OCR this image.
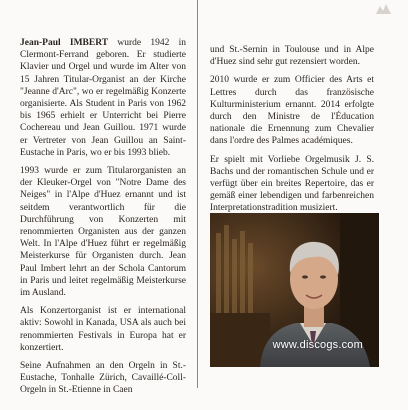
Jean-Paul IMBERT wurde 1942 in Clermont-Ferrand geboren. Er studierte Klavier und Orgel und wurde im Alter von 15 Jahren Titular-Organist an der Kirche "Jeanne d'Arc", wo er regelmäßig Konzerte organisierte. Als Student in Paris von 1962 bis 1965 erhielt er Unterricht bei Pierre Cochereau und Jean Guillou. 1971 wurde er Vertreter von Jean Guillou an Saint-Eustache in Paris, wo er bis 1993 blieb.

1993 wurde er zum Titularorganisten an der Kleuker-Orgel von "Notre Dame des Neiges" in l'Alpe d'Huez ernannt und ist seitdem verantwortlich für die Durchführung von Konzerten mit renommierten Organisten aus der ganzen Welt. In l'Alpe d'Huez führt er regelmäßig Meisterkurse für Organisten durch. Jean Paul Imbert lehrt an der Schola Cantorum in Paris und leitet regelmäßig Meisterkurse im Ausland.

Als Konzertorganist ist er international aktiv: Sowohl in Kanada, USA als auch bei renommierten Festivals in Europa hat er konzertiert.

Seine Aufnahmen an den Orgeln in St.-Eustache, Tonhalle Zürich, Cavaillé-Coll-Orgeln in St.-Etienne in Caen

und St.-Sernin in Toulouse und in Alpe d'Huez sind sehr gut rezensiert worden.

2010 wurde er zum Officier des Arts et Lettres durch das französische Kulturministerium ernannt. 2014 erfolgte durch den Ministre de l'Éducation nationale die Ernennung zum Chevalier dans l'ordre des Palmes académiques.

Er spielt mit Vorliebe Orgelmusik J. S. Bachs und der romantischen Schule und er verfügt über ein breites Repertoire, das er gemäß einer lebendigen und farbenreichen Interpretationstradition musiziert.

www.discogs.com
